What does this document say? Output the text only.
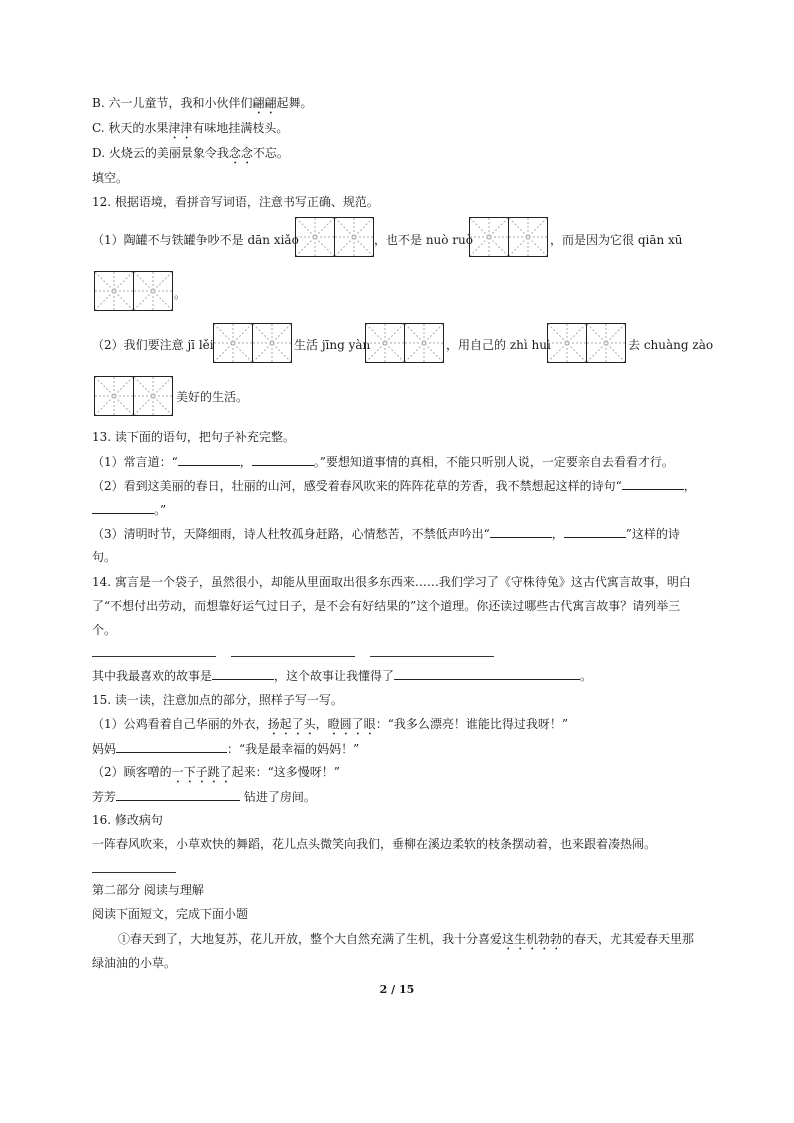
B. 六一儿童节，我和小伙伴们翩翩起舞。
C. 秋天的水果津津有味地挂满枝头。
D. 火烧云的美丽景象令我念念不忘。
填空。
12. 根据语境，看拼音写词语，注意书写正确、规范。
（1）陶罐不与铁罐争吵不是 dān xiǎo	，也不是 nuò ruò	，而是因为它很 qiān xū
。
（2）我们要注意 jī lěi	生活 jīng yàn	，用自己的 zhì huì	去 chuàng zào
美好的生活。
13. 读下面的语句，把句子补充完整。
（1）常言道：“	，	。”要想知道事情的真相，不能只听别人说，一定要亲自去看看才行。
（2）看到这美丽的春日，壮丽的山河，感受着春风吹来的阵阵花草的芳香，我不禁想起这样的诗句“	，
。”
（3）清明时节，天降细雨，诗人杜牧孤身赶路，心情愁苦，不禁低声吟出“	，	”这样的诗
句。
14. 寓言是一个袋子，虽然很小，却能从里面取出很多东西来……我们学习了《守株待兔》这古代寓言故事，明白
了“不想付出劳动，而想靠好运气过日子，是不会有好结果的”这个道理。你还读过哪些古代寓言故事？请列举三
个。
其中我最喜欢的故事是	，这个故事让我懂得了	。
15. 读一读，注意加点的部分，照样子写一写。
（1）公鸡看着自己华丽的外衣，扬起了头，瞪圆了眼：“我多么漂亮！谁能比得过我呀！”
妈妈	：“我是最幸福的妈妈！”
（2）顾客噌的一下子跳了起来：“这多慢呀！”
芳芳	钻进了房间。
16. 修改病句
一阵春风吹来，小草欢快的舞蹈，花儿点头微笑向我们，垂柳在溪边柔软的枝条摆动着，也来跟着凑热闹。
第二部分 阅读与理解
阅读下面短文，完成下面小题
①春天到了，大地复苏，花儿开放，整个大自然充满了生机，我十分喜爱这生机勃勃的春天，尤其爱春天里那
绿油油的小草。
2 / 15
